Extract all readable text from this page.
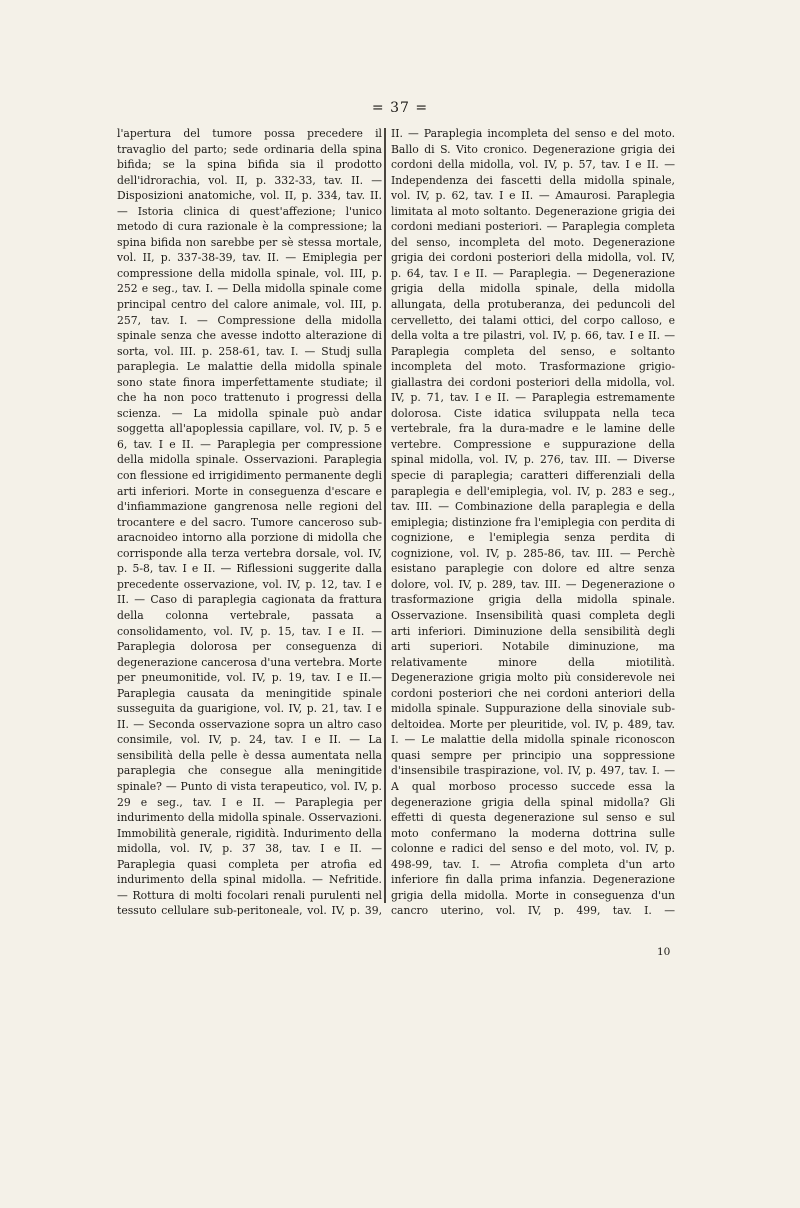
= 37 =

l'apertura del tumore possa precedere il travaglio del parto; sede ordinaria della spina bifida; se la spina bifida sia il prodotto dell'idrorachia, vol. II, p. 332-33, tav. II. — Disposizioni anatomiche, vol. II, p. 334, tav. II. — Istoria clinica di quest'affezione; l'unico metodo di cura razionale è la compressione; la spina bifida non sarebbe per sè stessa mortale, vol. II, p. 337-38-39, tav. II. — Emiplegia per compressione della midolla spinale, vol. III, p. 252 e seg., tav. I. — Della midolla spinale come principal centro del calore animale, vol. III, p. 257, tav. I. — Compressione della midolla spinale senza che avesse indotto alterazione di sorta, vol. III. p. 258-61, tav. I. — Studj sulla paraplegia. Le malattie della midolla spinale sono state finora imperfettamente studiate; il che ha non poco trattenuto i progressi della scienza. — La midolla spinale può andar soggetta all'apoplessia capillare, vol. IV, p. 5 e 6, tav. I e II. — Paraplegia per compressione della midolla spinale. Osservazioni. Paraplegia con flessione ed irrigidimento permanente degli arti inferiori. Morte in conseguenza d'escare e d'infiammazione gangrenosa nelle regioni del trocantere e del sacro. Tumore canceroso sub-aracnoideo intorno alla porzione di midolla che corrisponde alla terza vertebra dorsale, vol. IV, p. 5-8, tav. I e II. — Riflessioni suggerite dalla precedente osservazione, vol. IV, p. 12, tav. I e II. — Caso di paraplegia cagionata da frattura della colonna vertebrale, passata a consolidamento, vol. IV, p. 15, tav. I e II. — Paraplegia dolorosa per conseguenza di degenerazione cancerosa d'una vertebra. Morte per pneumonitide, vol. IV, p. 19, tav. I e II.—Paraplegia causata da meningitide spinale susseguita da guarigione, vol. IV, p. 21, tav. I e II. — Seconda osservazione sopra un altro caso consimile, vol. IV, p. 24, tav. I e II. — La sensibilità della pelle è dessa aumentata nella paraplegia che consegue alla meningitide spinale? — Punto di vista terapeutico, vol. IV, p. 29 e seg., tav. I e II. — Paraplegia per indurimento della midolla spinale. Osservazioni. Immobilità generale, rigidità. Indurimento della midolla, vol. IV, p. 37 38, tav. I e II. — Paraplegia quasi completa per atrofia ed indurimento della spinal midolla. — Nefritide. — Rottura di molti focolari renali purulenti nel tessuto cellulare sub-peritoneale, vol. IV, p. 39,

II. — Paraplegia incompleta del senso e del moto. Ballo di S. Vito cronico. Degenerazione grigia dei cordoni della midolla, vol. IV, p. 57, tav. I e II. — Independenza dei fascetti della midolla spinale, vol. IV, p. 62, tav. I e II. — Amaurosi. Paraplegia limitata al moto soltanto. Degenerazione grigia dei cordoni mediani posteriori. — Paraplegia completa del senso, incompleta del moto. Degenerazione grigia dei cordoni posteriori della midolla, vol. IV, p. 64, tav. I e II. — Paraplegia. — Degenerazione grigia della midolla spinale, della midolla allungata, della protuberanza, dei peduncoli del cervelletto, dei talami ottici, del corpo calloso, e della volta a tre pilastri, vol. IV, p. 66, tav. I e II. — Paraplegia completa del senso, e soltanto incompleta del moto. Trasformazione grigio-giallastra dei cordoni posteriori della midolla, vol. IV, p. 71, tav. I e II. — Paraplegia estremamente dolorosa. Ciste idatica sviluppata nella teca vertebrale, fra la dura-madre e le lamine delle vertebre. Compressione e suppurazione della spinal midolla, vol. IV, p. 276, tav. III. — Diverse specie di paraplegia; caratteri differenziali della paraplegia e dell'emiplegia, vol. IV, p. 283 e seg., tav. III. — Combinazione della paraplegia e della emiplegia; distinzione fra l'emiplegia con perdita di cognizione, e l'emiplegia senza perdita di cognizione, vol. IV, p. 285-86, tav. III. — Perchè esistano paraplegie con dolore ed altre senza dolore, vol. IV, p. 289, tav. III. — Degenerazione o trasformazione grigia della midolla spinale. Osservazione. Insensibilità quasi completa degli arti inferiori. Diminuzione della sensibilità degli arti superiori. Notabile diminuzione, ma relativamente minore della miotilità. Degenerazione grigia molto più considerevole nei cordoni posteriori che nei cordoni anteriori della midolla spinale. Suppurazione della sinoviale sub-deltoidea. Morte per pleuritide, vol. IV, p. 489, tav. I. — Le malattie della midolla spinale riconoscon quasi sempre per principio una soppressione d'insensibile traspirazione, vol. IV, p. 497, tav. I. — A qual morboso processo succede essa la degenerazione grigia della spinal midolla? Gli effetti di questa degenerazione sul senso e sul moto confermano la moderna dottrina sulle colonne e radici del senso e del moto, vol. IV, p. 498-99, tav. I. — Atrofia completa d'un arto inferiore fin dalla prima infanzia. Degenerazione grigia della midolla. Morte in conseguenza d'un cancro uterino, vol. IV, p. 499, tav. I. —

10
